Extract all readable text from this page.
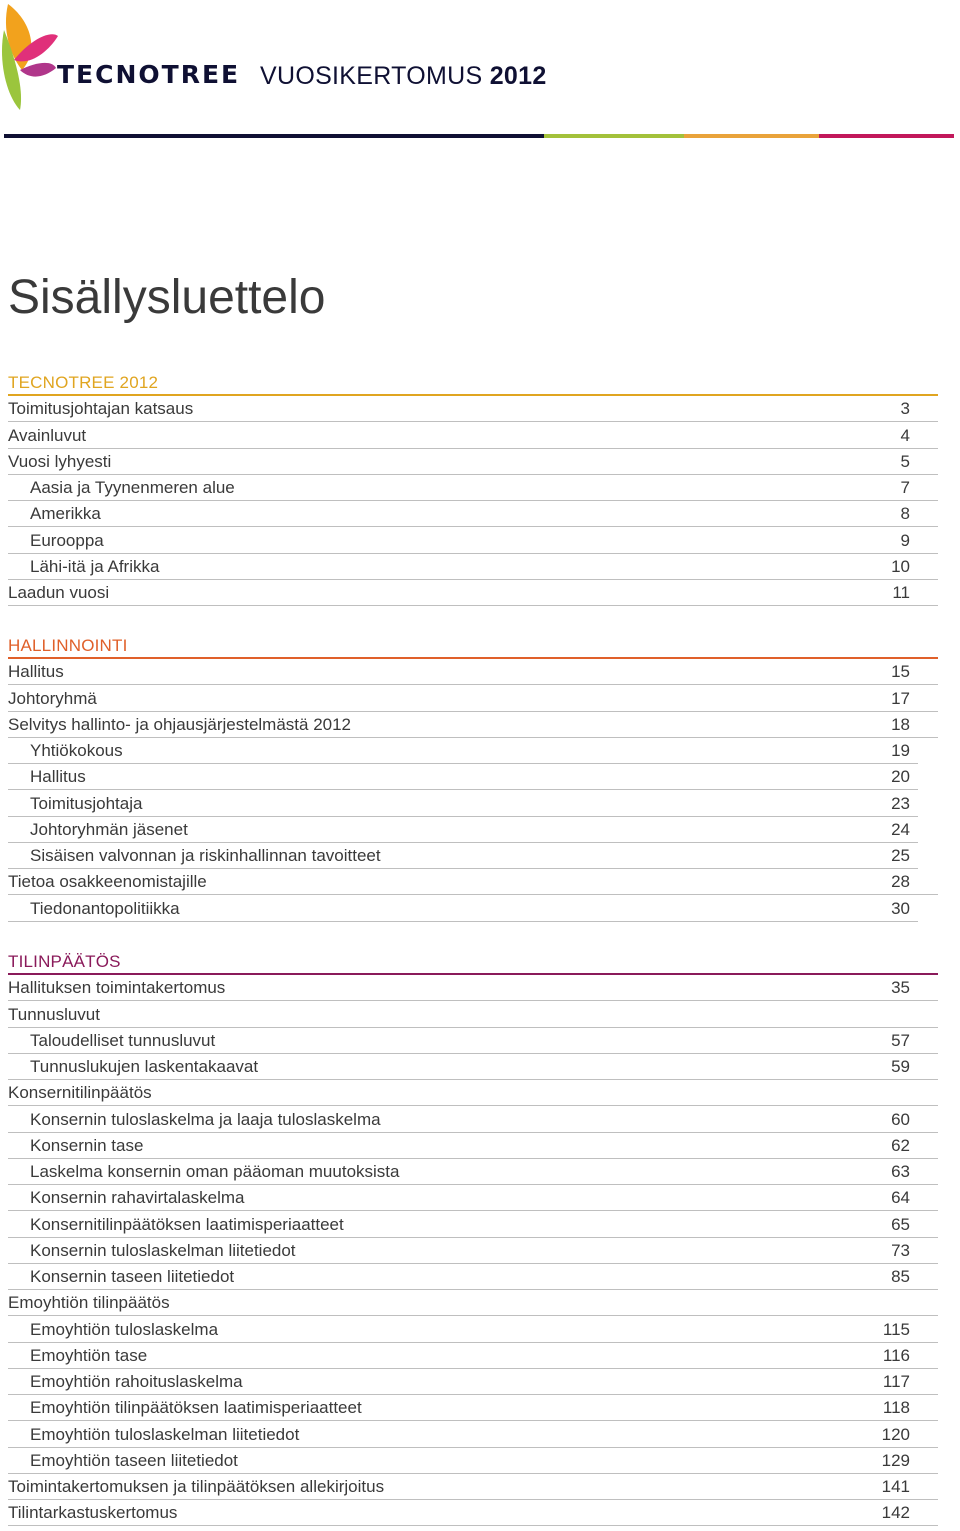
TECNOTREE VUOSIKERTOMUS 2012
Sisällysluettelo
TECNOTREE 2012
Toimitusjohtajan katsaus	3
Avainluvut	4
Vuosi lyhyesti	5
Aasia ja Tyynenmeren alue	7
Amerikka	8
Eurooppa	9
Lähi-itä ja Afrikka	10
Laadun vuosi	11
HALLINNOINTI
Hallitus	15
Johtoryhmä	17
Selvitys hallinto- ja ohjausjärjestelmästä 2012	18
Yhtiökokous	19
Hallitus	20
Toimitusjohtaja	23
Johtoryhmän jäsenet	24
Sisäisen valvonnan ja riskinhallinnan tavoitteet	25
Tietoa osakkeenomistajille	28
Tiedonantopolitiikka	30
TILINPÄÄTÖS
Hallituksen toimintakertomus	35
Tunnusluvut
Taloudelliset tunnusluvut	57
Tunnuslukujen laskentakaavat	59
Konsernitilinpäätös
Konsernin tuloslaskelma ja laaja tuloslaskelma	60
Konsernin tase	62
Laskelma konsernin oman pääoman muutoksista	63
Konsernin rahavirtalaskelma	64
Konsernitilinpäätöksen laatimisperiaatteet	65
Konsernin tuloslaskelman liitetiedot	73
Konsernin taseen liitetiedot	85
Emoyhtiön tilinpäätös
Emoyhtiön tuloslaskelma	115
Emoyhtiön tase	116
Emoyhtiön rahoituslaskelma	117
Emoyhtiön tilinpäätöksen laatimisperiaatteet	118
Emoyhtiön tuloslaskelman liitetiedot	120
Emoyhtiön taseen liitetiedot	129
Toimintakertomuksen ja tilinpäätöksen allekirjoitus	141
Tilintarkastuskertomus	142
